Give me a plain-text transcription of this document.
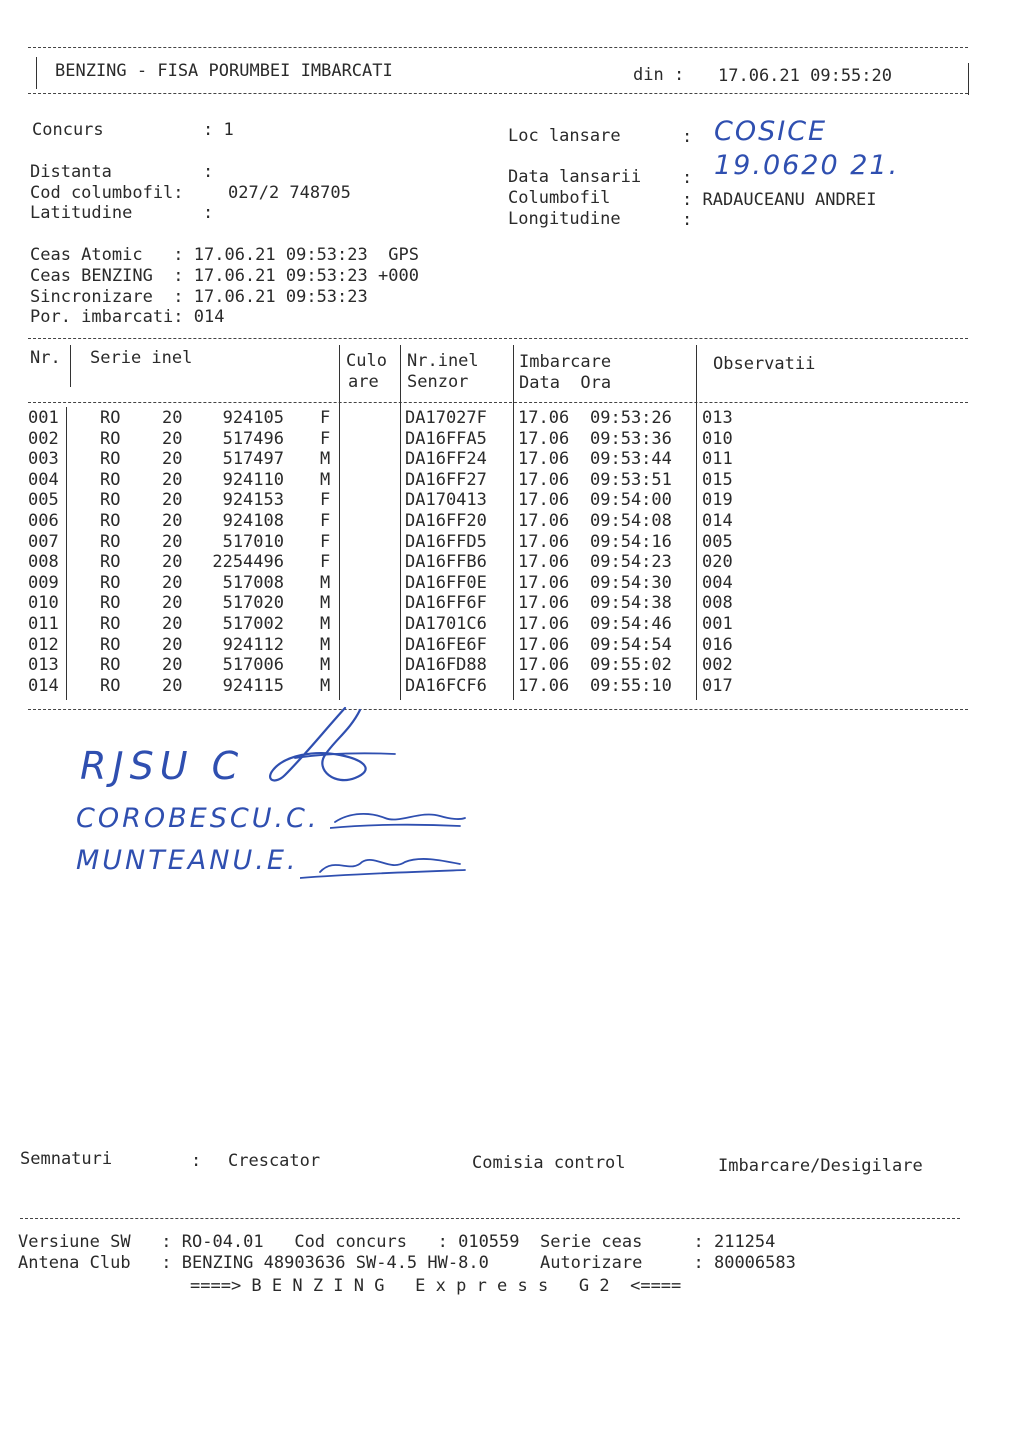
BENZING - FISA PORUMBEI IMBARCATI	din : 17.06.21 09:55:20
Concurs	: 1
Distanta	:
Cod columbofil:	027/2 748705
Latitudine	:
Loc lansare	: COSICE
Data lansarii : 19.0620 21.
Columbofil	: RADAUCEANU ANDREI
Longitudine	:
Ceas Atomic   : 17.06.21 09:53:23  GPS
Ceas BENZING  : 17.06.21 09:53:23 +000
Sincronizare  : 17.06.21 09:53:23
Por. imbarcati: 014
Nr. Serie inel	Culo
are
Nr.inel
Senzor
Imbarcare
Data  Ora
Observatii
001 RO 20 924105 F	DA17027F 17.06 09:53:26 013
002 RO 20 517496 F	DA16FFA5 17.06 09:53:36 010
003 RO 20 517497 M	DA16FF24 17.06 09:53:44 011
004 RO 20 924110 M	DA16FF27 17.06 09:53:51 015
005 RO 20 924153 F	DA170413 17.06 09:54:00 019
006 RO 20 924108 F	DA16FF20 17.06 09:54:08 014
007 RO 20 517010 F	DA16FFD5 17.06 09:54:16 005
008 RO 20 2254496 F	DA16FFB6 17.06 09:54:23 020
009 RO 20 517008 M	DA16FF0E 17.06 09:54:30 004
010 RO 20 517020 M	DA16FF6F 17.06 09:54:38 008
011 RO 20 517002 M	DA1701C6 17.06 09:54:46 001
012 RO 20 924112 M	DA16FE6F 17.06 09:54:54 016
013 RO 20 517006 M	DA16FD88 17.06 09:55:02 002
014 RO 20 924115 M	DA16FCF6 17.06 09:55:10 017
RJSU C
COROBESCU.C.
MUNTEANU.E.
Semnaturi	: Crescator	Comisia control	Imbarcare/Desigilare
Versiune SW   : RO-04.01   Cod concurs   : 010559  Serie ceas     : 211254
Antena Club   : BENZING 48903636 SW-4.5 HW-8.0     Autorizare     : 80006583
====> B E N Z I N G   E x p r e s s   G 2  <====
